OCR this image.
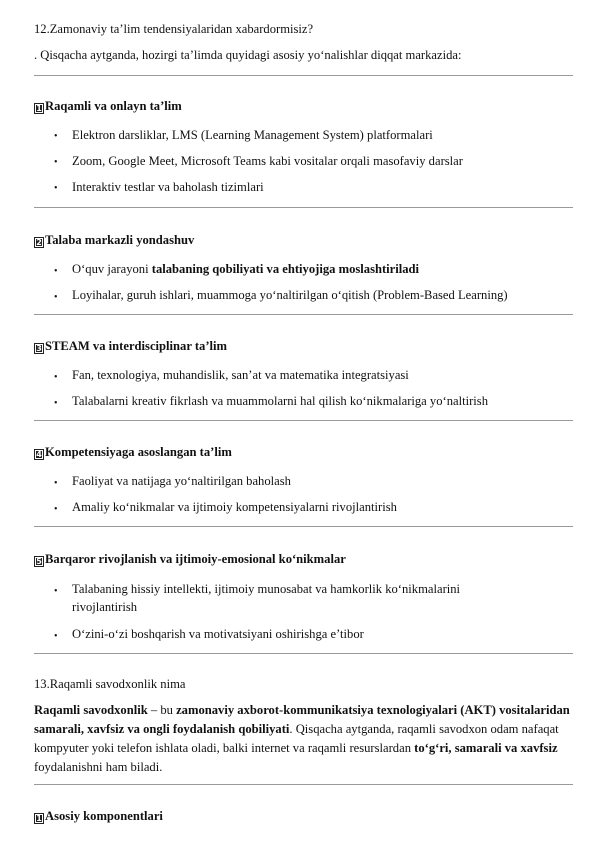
12.Zamonaviy ta’lim tendensiyalaridan xabardormisiz?
. Qisqacha aytganda, hozirgi ta’limda quyidagi asosiy yo‘nalishlar diqqat markazida:
1 Raqamli va onlayn ta’lim
• Elektron darsliklar, LMS (Learning Management System) platformalari
• Zoom, Google Meet, Microsoft Teams kabi vositalar orqali masofaviy darslar
• Interaktiv testlar va baholash tizimlari
2 Talaba markazli yondashuv
• O‘quv jarayoni talabaning qobiliyati va ehtiyojiga moslashtiriladi
• Loyihalar, guruh ishlari, muammoga yo‘naltirilgan o‘qitish (Problem-Based Learning)
3 STEAM va interdisciplinar ta’lim
• Fan, texnologiya, muhandislik, san’at va matematika integratsiyasi
• Talabalarni kreativ fikrlash va muammolarni hal qilish ko‘nikmalariga yo‘naltirish
4 Kompetensiyaga asoslangan ta’lim
• Faoliyat va natijaga yo‘naltirilgan baholash
• Amaliy ko‘nikmalar va ijtimoiy kompetensiyalarni rivojlantirish
5 Barqaror rivojlanish va ijtimoiy-emosional ko‘nikmalar
• Talabaning hissiy intellekti, ijtimoiy munosabat va hamkorlik ko‘nikmalarini
rivojlantirish
• O‘zini-o‘zi boshqarish va motivatsiyani oshirishga e’tibor
13.Raqamli savodxonlik nima
Raqamli savodxonlik – bu zamonaviy axborot-kommunikatsiya texnologiyalari (AKT) vositalaridan samarali, xavfsiz va ongli foydalanish qobiliyati. Qisqacha aytganda, raqamli savodxon odam nafaqat kompyuter yoki telefon ishlata oladi, balki internet va raqamli resurslardan to‘g‘ri, samarali va xavfsiz foydalanishni ham biladi.
1 Asosiy komponentlari
